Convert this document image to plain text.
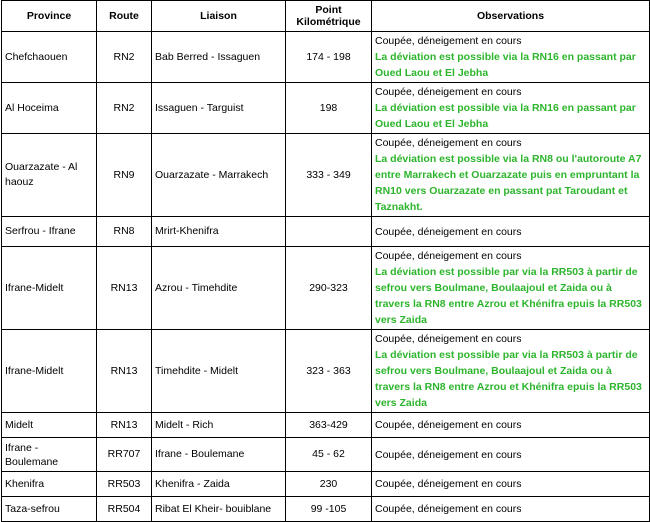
Province	Route	Liaison	Point Kilométrique	Observations
Chefchaouen	RN2	Bab Berred - Issaguen	174 - 198	Coupée, déneigement en cours
La déviation est possible via la RN16 en passant par Oued Laou et El Jebha

Al Hoceima	RN2	Issaguen - Targuist	198	Coupée, déneigement en cours
La déviation est possible via la RN16 en passant par Oued Laou et El Jebha

Ouarzazate - Al haouz	RN9	Ouarzazate - Marrakech	333 - 349	Coupée, déneigement en cours
La déviation est possible via la RN8 ou l'autoroute A7 entre Marrakech et Ouarzazate puis en empruntant la RN10 vers Ouarzazate en passant pat Taroudant et Taznakht.

Serfrou - Ifrane	RN8	Mrirt-Khenifra		Coupée, déneigement en cours

Ifrane-Midelt	RN13	Azrou - Timehdite	290-323	Coupée, déneigement en cours
La déviation est possible par via la RR503 à partir de sefrou vers Boulmane, Boulaajoul et Zaida ou à travers la RN8 entre Azrou et Khénifra epuis la RR503 vers Zaida

Ifrane-Midelt	RN13	Timehdite - Midelt	323 - 363	Coupée, déneigement en cours
La déviation est possible par via la RR503 à partir de sefrou vers Boulmane, Boulaajoul et Zaida ou à travers la RN8 entre Azrou et Khénifra epuis la RR503 vers Zaida

Midelt	RN13	Midelt - Rich	363-429	Coupée, déneigement en cours

Ifrane - Boulemane	RR707	Ifrane - Boulemane	45 - 62	Coupée, déneigement en cours

Khenifra	RR503	Khenifra - Zaida	230	Coupée, déneigement en cours

Taza-sefrou	RR504	Ribat El Kheir- bouiblane	99 -105	Coupée, déneigement en cours
